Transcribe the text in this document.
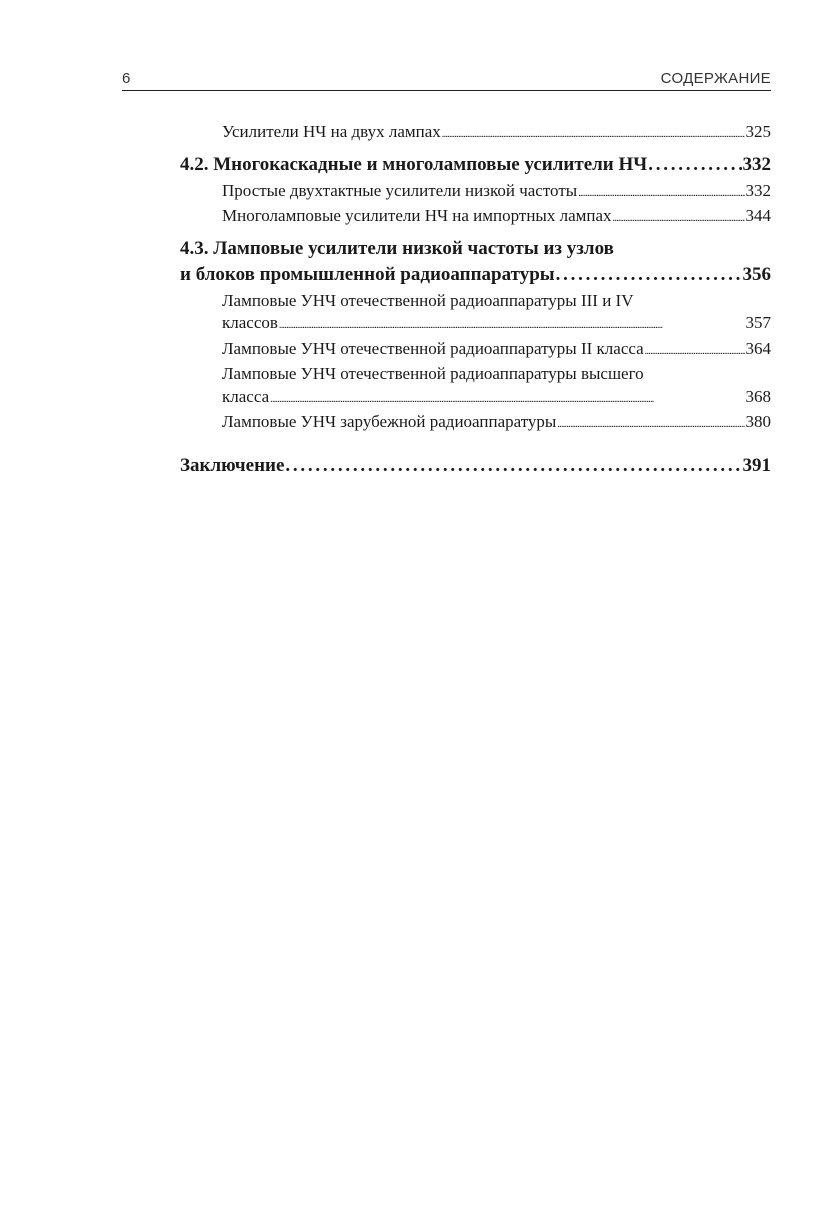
6	СОДЕРЖАНИЕ
Усилители НЧ на двух лампах . . .	325
4.2. Многокаскадные и многоламповые усилители НЧ . . .	332
Простые двухтактные усилители низкой частоты . . .	332
Многоламповые усилители НЧ на импортных лампах . . .	344
4.3. Ламповые усилители низкой частоты из узлов
и блоков промышленной радиоаппаратуры . . .	356
Ламповые УНЧ отечественной радиоаппаратуры III и IV
классов . . .	357
Ламповые УНЧ отечественной радиоаппаратуры II класса . . .	364
Ламповые УНЧ отечественной радиоаппаратуры высшего
класса . . .	368
Ламповые УНЧ зарубежной радиоаппаратуры . . .	380
Заключение . . .	391
